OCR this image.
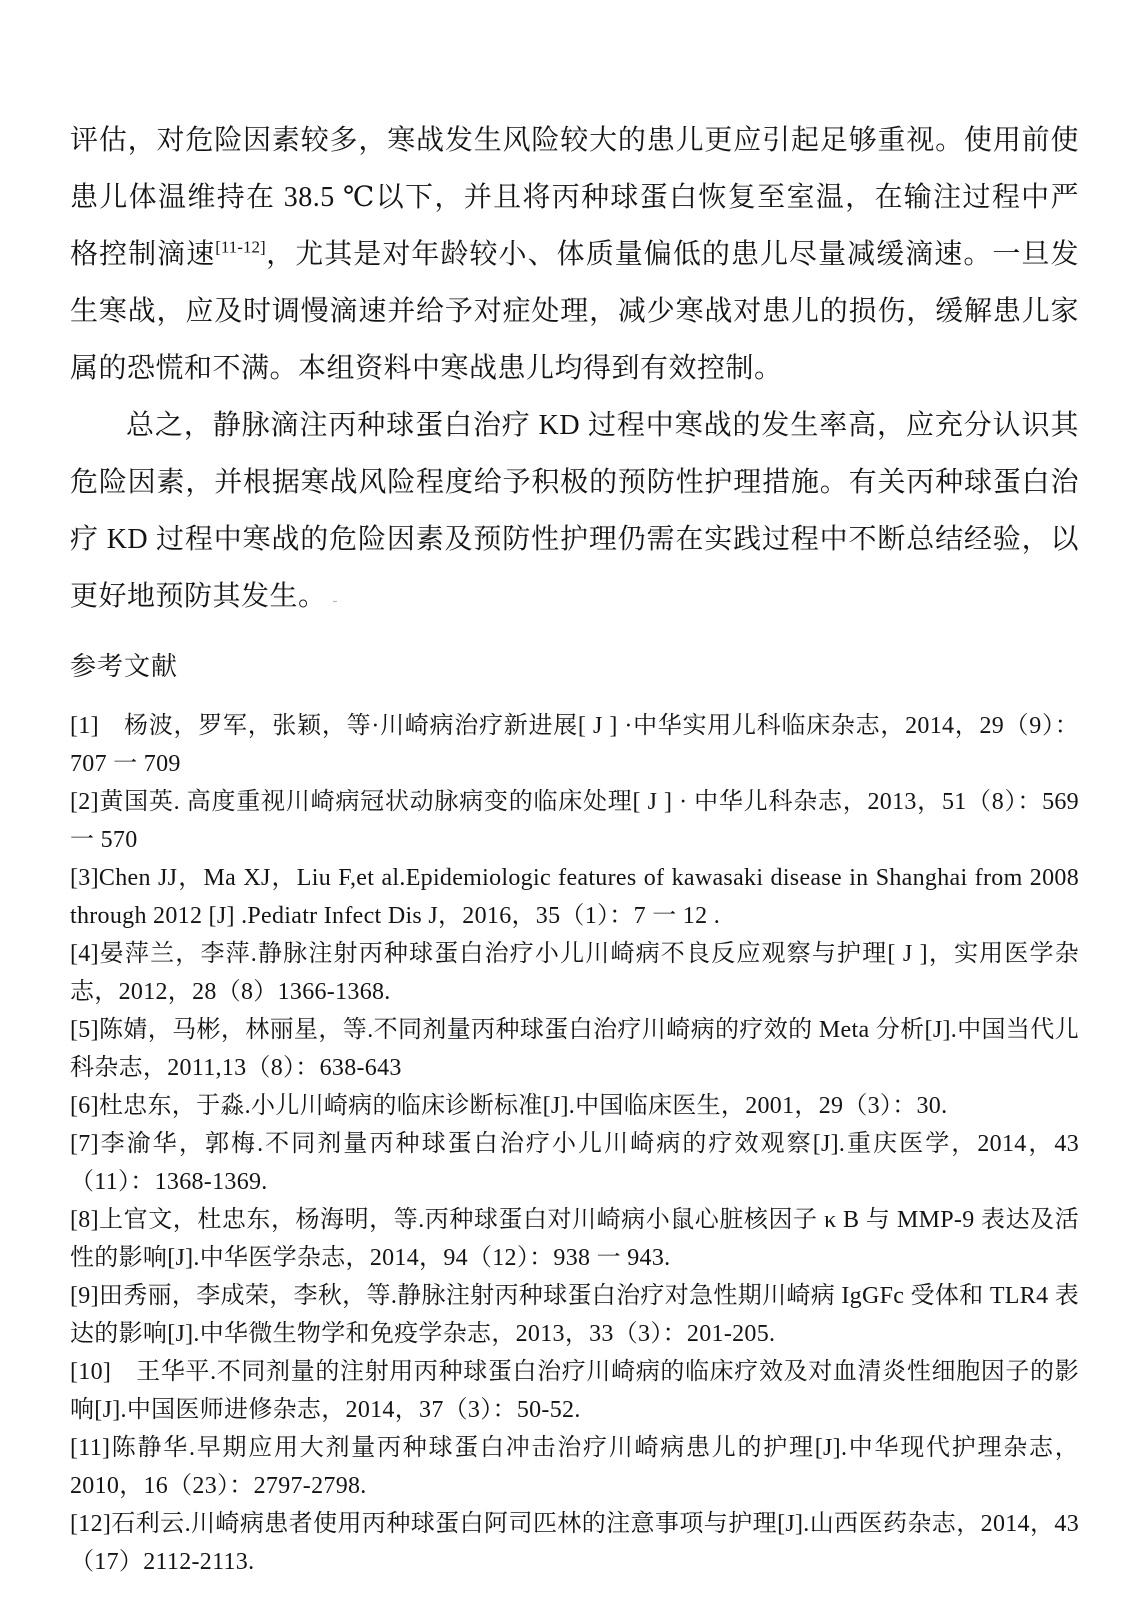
评估，对危险因素较多，寒战发生风险较大的患儿更应引起足够重视。使用前使患儿体温维持在 38.5 ℃以下，并且将丙种球蛋白恢复至室温，在输注过程中严格控制滴速[11-12]，尤其是对年龄较小、体质量偏低的患儿尽量减缓滴速。一旦发生寒战，应及时调慢滴速并给予对症处理，减少寒战对患儿的损伤，缓解患儿家属的恐慌和不满。本组资料中寒战患儿均得到有效控制。

总之，静脉滴注丙种球蛋白治疗 KD 过程中寒战的发生率高，应充分认识其危险因素，并根据寒战风险程度给予积极的预防性护理措施。有关丙种球蛋白治疗 KD 过程中寒战的危险因素及预防性护理仍需在实践过程中不断总结经验，以更好地预防其发生。 -

参考文献

[1]　杨波，罗军，张颖，等·川崎病治疗新进展[ J ] ·中华实用儿科临床杂志，2014，29（9）：707 一 709

[2]黄国英. 高度重视川崎病冠状动脉病变的临床处理[ J ] · 中华儿科杂志，2013，51（8）：569 一 570

[3]Chen JJ，Ma XJ，Liu F,et al.Epidemiologic features of kawasaki disease in Shanghai from 2008 through 2012 [J] .Pediatr Infect Dis J，2016，35（1）：7 一 12 .

[4]晏萍兰，李萍.静脉注射丙种球蛋白治疗小儿川崎病不良反应观察与护理[ J ]，实用医学杂志，2012，28（8）1366-1368.

[5]陈婧，马彬，林丽星，等.不同剂量丙种球蛋白治疗川崎病的疗效的 Meta 分析[J].中国当代儿科杂志，2011,13（8）：638-643

[6]杜忠东，于淼.小儿川崎病的临床诊断标准[J].中国临床医生，2001，29（3）：30.

[7]李渝华，郭梅.不同剂量丙种球蛋白治疗小儿川崎病的疗效观察[J].重庆医学，2014，43（11）：1368-1369.

[8]上官文，杜忠东，杨海明，等.丙种球蛋白对川崎病小鼠心脏核因子 κ B 与 MMP-9 表达及活性的影响[J].中华医学杂志，2014，94（12）：938 一 943.

[9]田秀丽，李成荣，李秋，等.静脉注射丙种球蛋白治疗对急性期川崎病 IgGFc 受体和 TLR4 表达的影响[J].中华微生物学和免疫学杂志，2013，33（3）：201-205.

[10]　王华平.不同剂量的注射用丙种球蛋白治疗川崎病的临床疗效及对血清炎性细胞因子的影响[J].中国医师进修杂志，2014，37（3）：50-52.

[11]陈静华.早期应用大剂量丙种球蛋白冲击治疗川崎病患儿的护理[J].中华现代护理杂志，2010，16（23）：2797-2798.

[12]石利云.川崎病患者使用丙种球蛋白阿司匹林的注意事项与护理[J].山西医药杂志，2014，43（17）2112-2113.
